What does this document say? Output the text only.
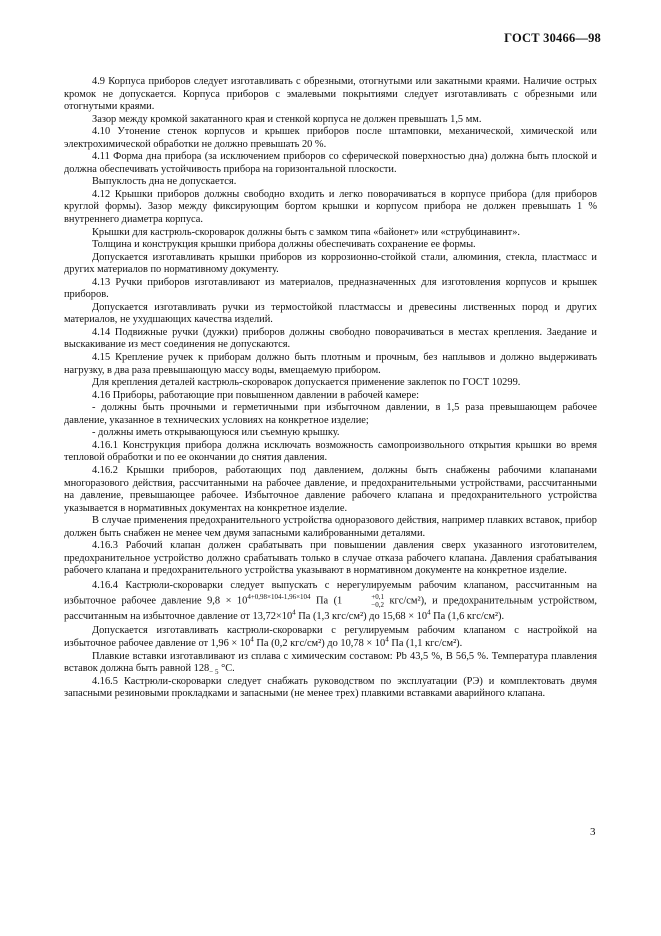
ГОСТ 30466—98

4.9 Корпуса приборов следует изготавливать с обрезными, отогнутыми или закатными краями. Наличие острых кромок не допускается. Корпуса приборов с эмалевыми покрытиями следует изготавливать с обрезными или отогнутыми краями.

Зазор между кромкой закатанного края и стенкой корпуса не должен превышать 1,5 мм.

4.10 Утонение стенок корпусов и крышек приборов после штамповки, механической, химической или электрохимической обработки не должно превышать 20 %.

4.11 Форма дна прибора (за исключением приборов со сферической поверхностью дна) должна быть плоской и должна обеспечивать устойчивость прибора на горизонтальной плоскости.

Выпуклость дна не допускается.

4.12 Крышки приборов должны свободно входить и легко поворачиваться в корпусе прибора (для приборов круглой формы). Зазор между фиксирующим бортом крышки и корпусом прибора не должен превышать 1 % внутреннего диаметра корпуса.

Крышки для кастрюль-скороварок должны быть с замком типа «байонет» или «струбцинавинт».

Толщина и конструкция крышки прибора должны обеспечивать сохранение ее формы.

Допускается изготавливать крышки приборов из коррозионно-стойкой стали, алюминия, стекла, пластмасс и других материалов по нормативному документу.

4.13 Ручки приборов изготавливают из материалов, предназначенных для изготовления корпусов и крышек приборов.

Допускается изготавливать ручки из термостойкой пластмассы и древесины лиственных пород и других материалов, не ухудшающих качества изделий.

4.14 Подвижные ручки (дужки) приборов должны свободно поворачиваться в местах крепления. Заедание и выскакивание из мест соединения не допускаются.

4.15 Крепление ручек к приборам должно быть плотным и прочным, без наплывов и должно выдерживать нагрузку, в два раза превышающую массу воды, вмещаемую прибором.

Для крепления деталей кастрюль-скороварок допускается применение заклепок по ГОСТ 10299.

4.16 Приборы, работающие при повышенном давлении в рабочей камере:

- должны быть прочными и герметичными при избыточном давлении, в 1,5 раза превышающем рабочее давление, указанное в технических условиях на конкретное изделие;

- должны иметь открывающуюся или съемную крышку.

4.16.1 Конструкция прибора должна исключать возможность самопроизвольного открытия крышки во время тепловой обработки и по ее окончании до снятия давления.

4.16.2 Крышки приборов, работающих под давлением, должны быть снабжены рабочими клапанами многоразового действия, рассчитанными на рабочее давление, и предохранительными устройствами, рассчитанными на давление, превышающее рабочее. Избыточное давление рабочего клапана и предохранительного устройства указывается в нормативных документах на конкретное изделие.

В случае применения предохранительного устройства одноразового действия, например плавких вставок, прибор должен быть снабжен не менее чем двумя запасными калиброванными деталями.

4.16.3 Рабочий клапан должен срабатывать при повышении давления сверх указанного изготовителем, предохранительное устройство должно срабатывать только в случае отказа рабочего клапана. Давления срабатывания рабочего клапана и предохранительного устройства указывают в нормативном документе на конкретное изделие.

4.16.4 Кастрюли-скороварки следует выпускать с нерегулируемым рабочим клапаном, рассчитанным на избыточное рабочее давление $9,8 \times 10^{4+0,98\times 104-1,96\times 104}$ Па (1	+0,1
−0,2 кгс/см²), и предохранительным устройством, рассчитанным на избыточное давление от $13,72\times 10^4$ Па (1,3 кгс/см²) до $15,68 \times 10^4$ Па (1,6 кгс/см²).

Допускается изготавливать кастрюли-скороварки с регулируемым рабочим клапаном с настройкой на избыточное рабочее давление от $1,96 \times 10^4$ Па (0,2 кгс/см²) до $10,78 \times 10^4$ Па (1,1 кгс/см²).

Плавкие вставки изготавливают из сплава с химическим составом: Pb 43,5 %, В 56,5 %. Температура плавления вставок должна быть равной $128_{- 5}$ °С.

4.16.5 Кастрюли-скороварки следует снабжать руководством по эксплуатации (РЭ) и комплектовать двумя запасными резиновыми прокладками и запасными (не менее трех) плавкими вставками аварийного клапана.

3
